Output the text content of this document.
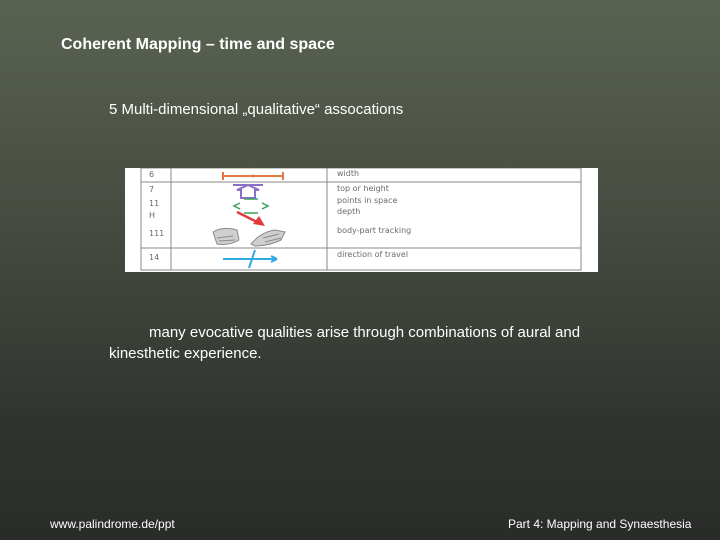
Coherent Mapping – time and space
5 Multi-dimensional „qualitative“ assocations
6
7
11
H
111
14
width
top or height
points in space
depth
body-part tracking
direction of travel
many evocative qualities arise through combinations of aural and kinesthetic experience.
www.palindrome.de/ppt	Part 4: Mapping and Synaesthesia
